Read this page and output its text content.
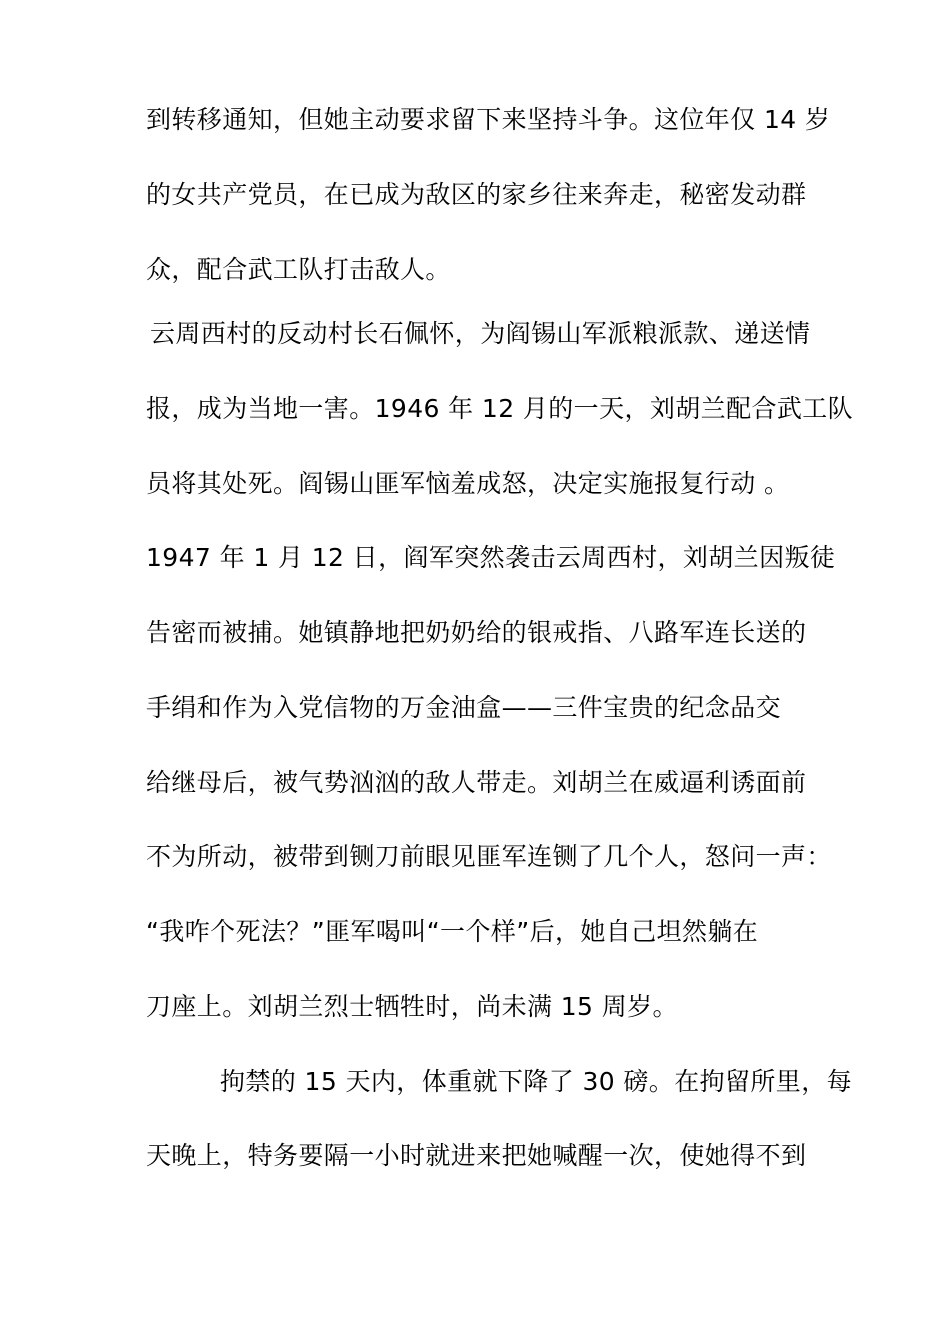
到转移通知，但她主动要求留下来坚持斗争。这位年仅 14 岁
的女共产党员，在已成为敌区的家乡往来奔走，秘密发动群
众，配合武工队打击敌人。
云周西村的反动村长石佩怀，为阎锡山军派粮派款、递送情
报，成为当地一害。1946 年 12 月的一天，刘胡兰配合武工队
员将其处死。阎锡山匪军恼羞成怒，决定实施报复行动 。
1947 年 1 月 12 日，阎军突然袭击云周西村，刘胡兰因叛徒
告密而被捕。她镇静地把奶奶给的银戒指、八路军连长送的
手绢和作为入党信物的万金油盒——三件宝贵的纪念品交
给继母后，被气势汹汹的敌人带走。刘胡兰在威逼利诱面前
不为所动，被带到铡刀前眼见匪军连铡了几个人，怒问一声：
“我咋个死法？”匪军喝叫“一个样”后，她自己坦然躺在
刀座上。刘胡兰烈士牺牲时，尚未满 15 周岁。
拘禁的 15 天内，体重就下降了 30 磅。在拘留所里，每
天晚上，特务要隔一小时就进来把她喊醒一次，使她得不到
